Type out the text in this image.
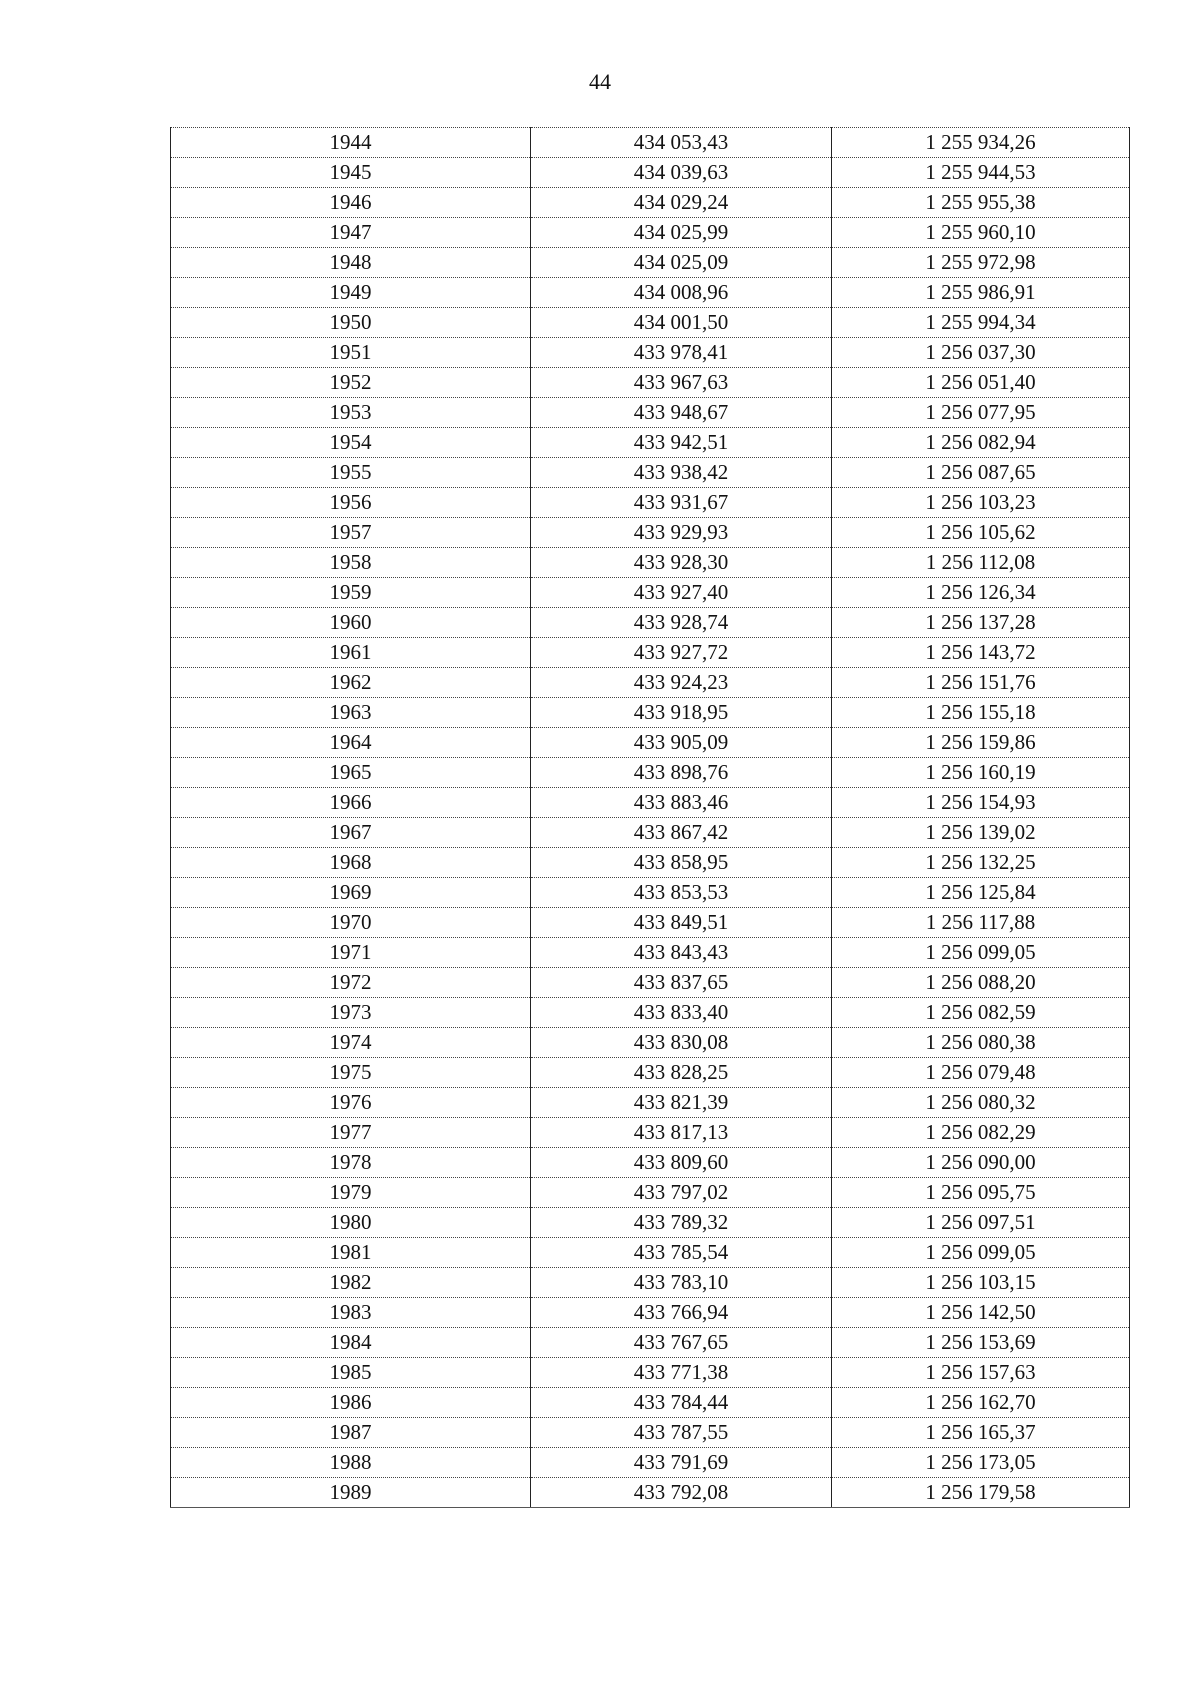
44
1944	434 053,43	1 255 934,26
1945	434 039,63	1 255 944,53
1946	434 029,24	1 255 955,38
1947	434 025,99	1 255 960,10
1948	434 025,09	1 255 972,98
1949	434 008,96	1 255 986,91
1950	434 001,50	1 255 994,34
1951	433 978,41	1 256 037,30
1952	433 967,63	1 256 051,40
1953	433 948,67	1 256 077,95
1954	433 942,51	1 256 082,94
1955	433 938,42	1 256 087,65
1956	433 931,67	1 256 103,23
1957	433 929,93	1 256 105,62
1958	433 928,30	1 256 112,08
1959	433 927,40	1 256 126,34
1960	433 928,74	1 256 137,28
1961	433 927,72	1 256 143,72
1962	433 924,23	1 256 151,76
1963	433 918,95	1 256 155,18
1964	433 905,09	1 256 159,86
1965	433 898,76	1 256 160,19
1966	433 883,46	1 256 154,93
1967	433 867,42	1 256 139,02
1968	433 858,95	1 256 132,25
1969	433 853,53	1 256 125,84
1970	433 849,51	1 256 117,88
1971	433 843,43	1 256 099,05
1972	433 837,65	1 256 088,20
1973	433 833,40	1 256 082,59
1974	433 830,08	1 256 080,38
1975	433 828,25	1 256 079,48
1976	433 821,39	1 256 080,32
1977	433 817,13	1 256 082,29
1978	433 809,60	1 256 090,00
1979	433 797,02	1 256 095,75
1980	433 789,32	1 256 097,51
1981	433 785,54	1 256 099,05
1982	433 783,10	1 256 103,15
1983	433 766,94	1 256 142,50
1984	433 767,65	1 256 153,69
1985	433 771,38	1 256 157,63
1986	433 784,44	1 256 162,70
1987	433 787,55	1 256 165,37
1988	433 791,69	1 256 173,05
1989	433 792,08	1 256 179,58
